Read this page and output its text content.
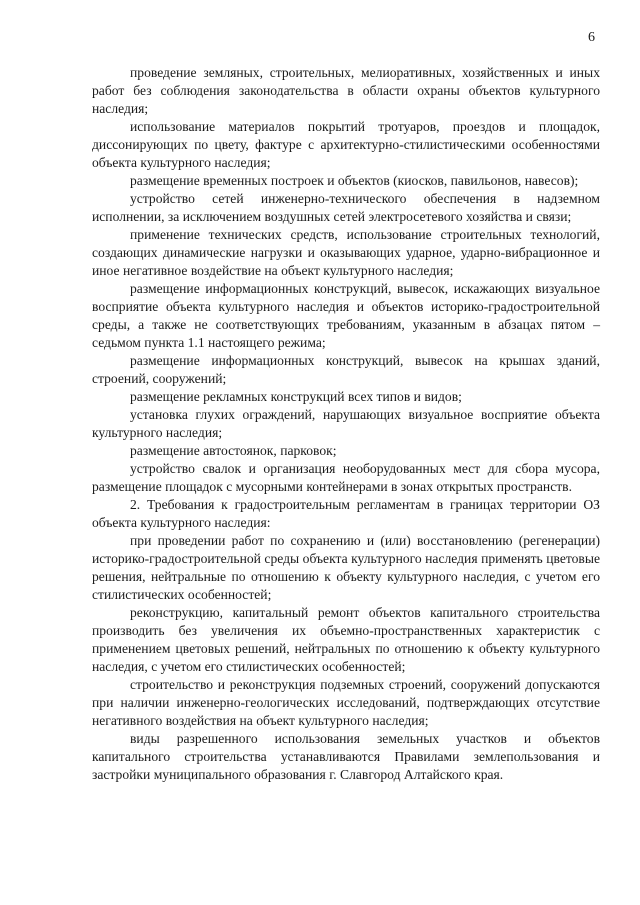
6

проведение земляных, строительных, мелиоративных, хозяйственных и иных работ без соблюдения законодательства в области охраны объектов культурного наследия;

использование материалов покрытий тротуаров, проездов и площадок, диссонирующих по цвету, фактуре с архитектурно-стилистическими особенностями объекта культурного наследия;

размещение временных построек и объектов (киосков, павильонов, навесов);

устройство сетей инженерно-технического обеспечения в надземном исполнении, за исключением воздушных сетей электросетевого хозяйства и связи;

применение технических средств, использование строительных технологий, создающих динамические нагрузки и оказывающих ударное, ударно-вибрационное и иное негативное воздействие на объект культурного наследия;

размещение информационных конструкций, вывесок, искажающих визуальное восприятие объекта культурного наследия и объектов историко-градостроительной среды, а также не соответствующих требованиям, указанным в абзацах пятом – седьмом пункта 1.1 настоящего режима;

размещение информационных конструкций, вывесок на крышах зданий, строений, сооружений;

размещение рекламных конструкций всех типов и видов;

установка глухих ограждений, нарушающих визуальное восприятие объекта культурного наследия;

размещение автостоянок, парковок;

устройство свалок и организация необорудованных мест для сбора мусора, размещение площадок с мусорными контейнерами в зонах открытых пространств.

2. Требования к градостроительным регламентам в границах территории ОЗ объекта культурного наследия:

при проведении работ по сохранению и (или) восстановлению (регенерации) историко-градостроительной среды объекта культурного наследия применять цветовые решения, нейтральные по отношению к объекту культурного наследия, с учетом его стилистических особенностей;

реконструкцию, капитальный ремонт объектов капитального строительства производить без увеличения их объемно-пространственных характеристик с применением цветовых решений, нейтральных по отношению к объекту культурного наследия, с учетом его стилистических особенностей;

строительство и реконструкция подземных строений, сооружений допускаются при наличии инженерно-геологических исследований, подтверждающих отсутствие негативного воздействия на объект культурного наследия;

виды разрешенного использования земельных участков и объектов капитального строительства устанавливаются Правилами землепользования и застройки муниципального образования г. Славгород Алтайского края.
